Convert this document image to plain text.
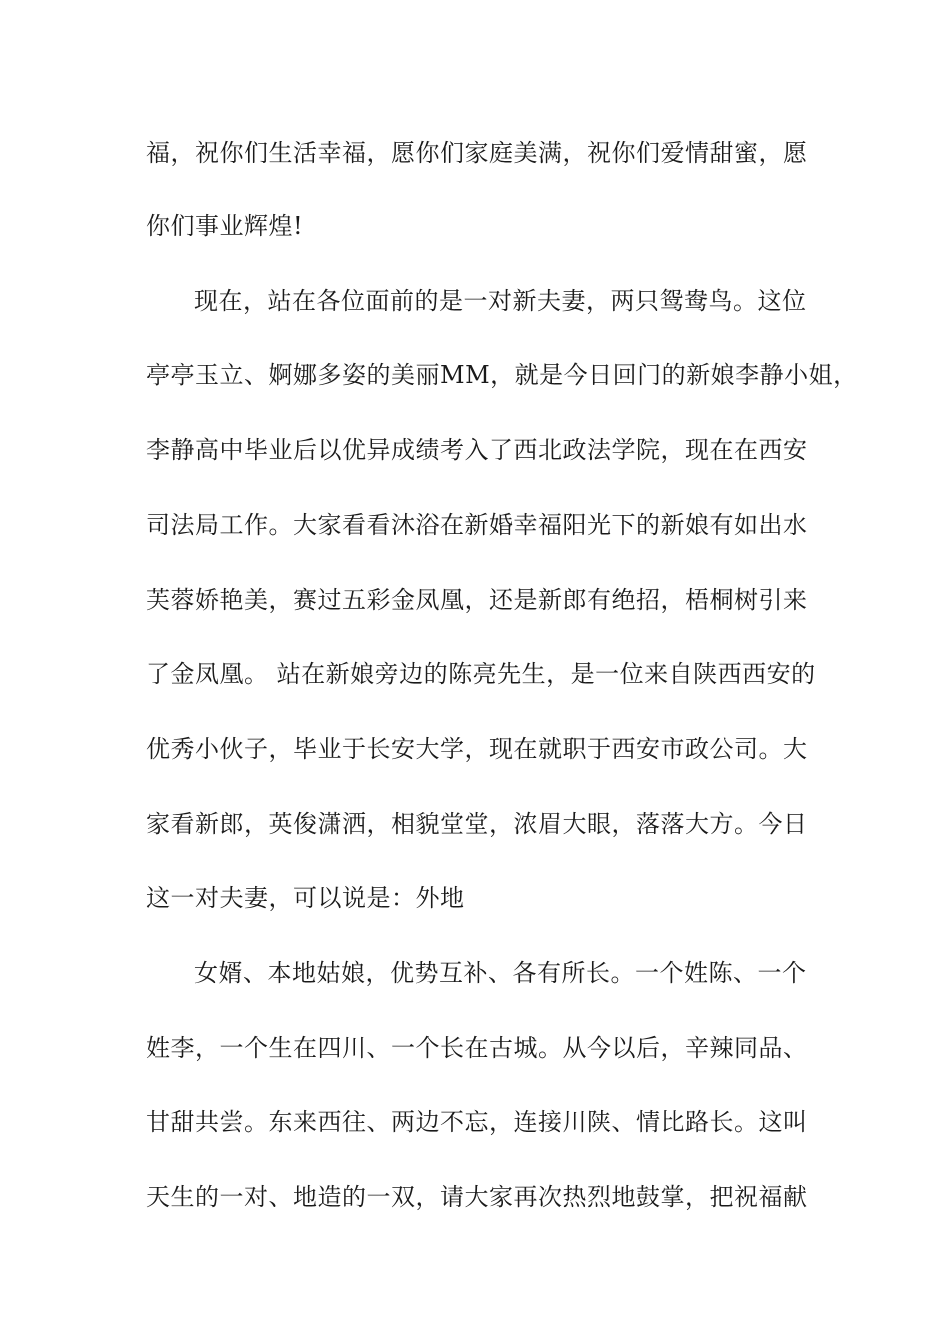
福，祝你们生活幸福，愿你们家庭美满，祝你们爱情甜蜜，愿
你们事业辉煌!
现在，站在各位面前的是一对新夫妻，两只鸳鸯鸟。这位
亭亭玉立、婀娜多姿的美丽MM，就是今日回门的新娘李静小姐，
李静高中毕业后以优异成绩考入了西北政法学院，现在在西安
司法局工作。大家看看沐浴在新婚幸福阳光下的新娘有如出水
芙蓉娇艳美，赛过五彩金凤凰，还是新郎有绝招，梧桐树引来
了金凤凰。 站在新娘旁边的陈亮先生，是一位来自陕西西安的
优秀小伙子，毕业于长安大学，现在就职于西安市政公司。大
家看新郎，英俊潇洒，相貌堂堂，浓眉大眼，落落大方。今日
这一对夫妻，可以说是：外地
女婿、本地姑娘，优势互补、各有所长。一个姓陈、一个
姓李，一个生在四川、一个长在古城。从今以后，辛辣同品、
甘甜共尝。东来西往、两边不忘，连接川陕、情比路长。这叫
天生的一对、地造的一双，请大家再次热烈地鼓掌，把祝福献
